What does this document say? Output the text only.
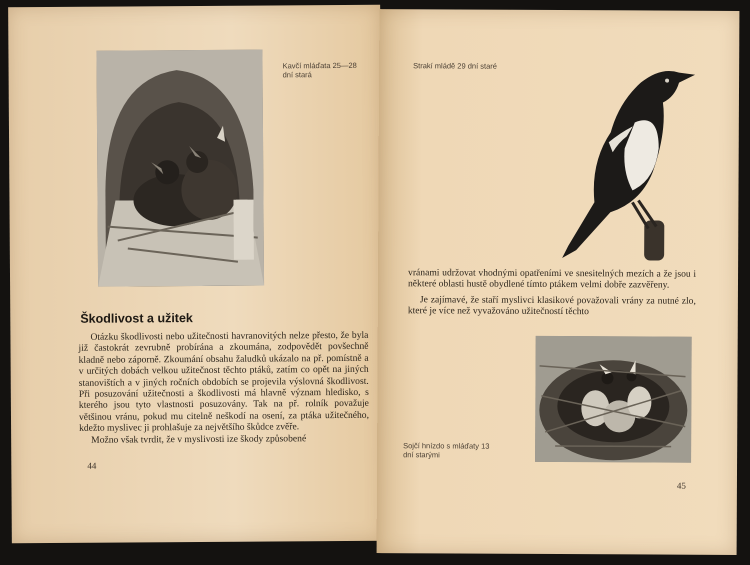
Kavčí mláďata 25—28 dní stará
Škodlivost a užitek

Otázku škodlivosti nebo užitečnosti havranovitých nelze přesto, že byla již častokrát zevrubně probírána a zkoumána, zodpovědět povšechně kladně nebo záporně. Zkoumání obsahu žaludků ukázalo na př. pomístně a v určitých dobách velkou užitečnost těchto ptáků, zatím co opět na jiných stanovištích a v jiných ročních obdobích se projevila výslovná škodlivost. Při posuzování užitečnosti a škodlivosti má hlavně význam hledisko, s kterého jsou tyto vlastnosti posuzovány. Tak na př. rolník považuje většinou vránu, pokud mu citelně neškodí na osení, za ptáka užitečného, kdežto myslivec ji prohlašuje za největšího škůdce zvěře.

Možno však tvrdit, že v myslivosti ize škody způsobené

44
Strakí mládě 29 dní staré

vránami udržovat vhodnými opatřeními ve snesitelných mezích a že jsou i některé oblasti hustě obydlené tímto ptákem velmi dobře zazvěřeny.

Je zajímavé, že staří myslivci klasikové považovali vrány za nutné zlo, které je více než vyvažováno užitečností těchto

Sojčí hnízdo s mláďaty 13 dní starými
45
